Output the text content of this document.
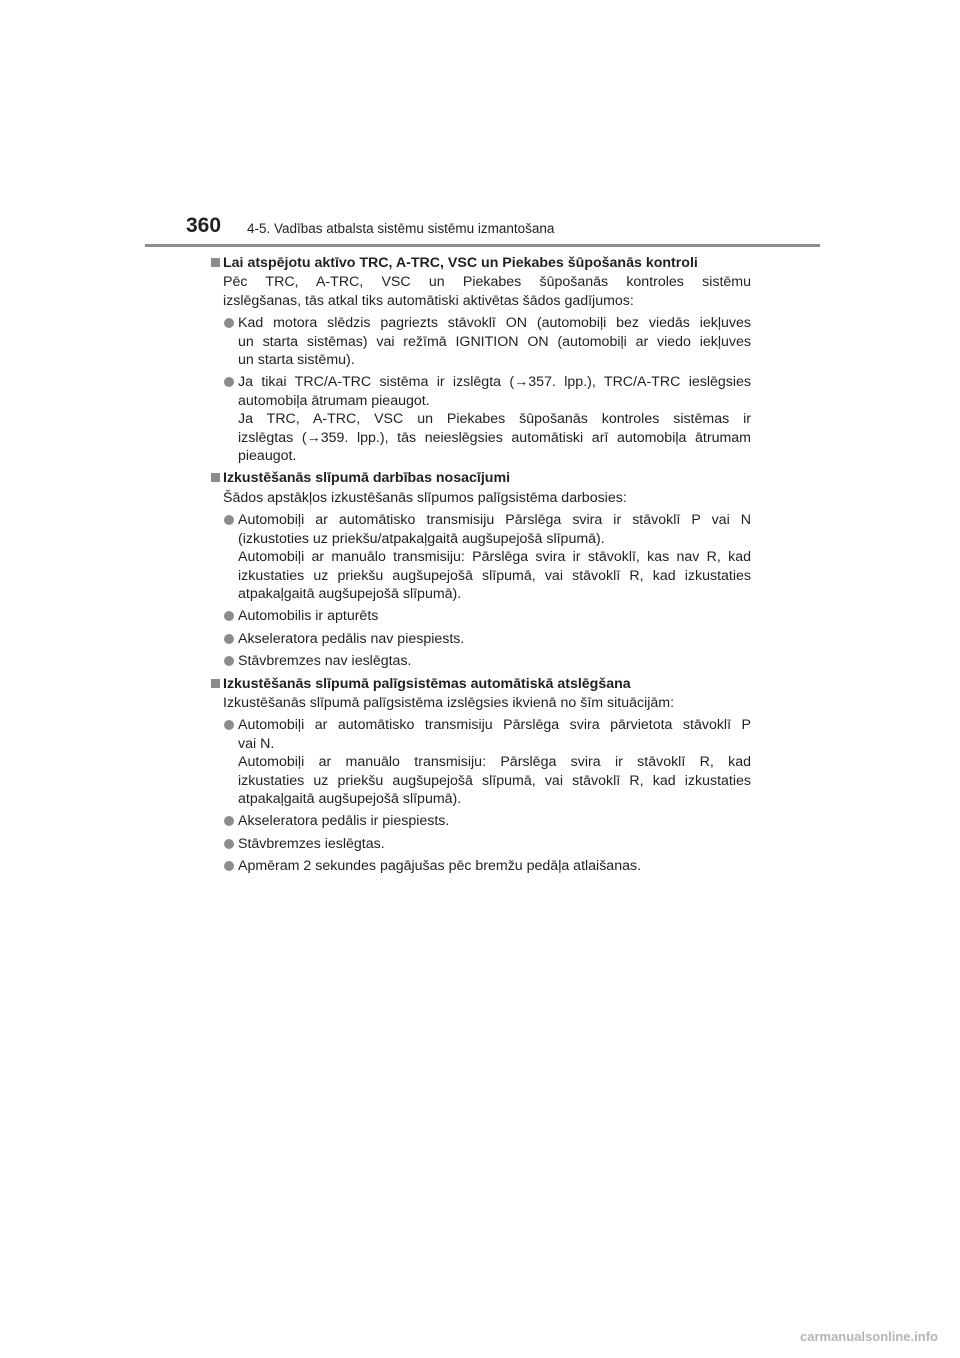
360 4-5. Vadības atbalsta sistēmu sistēmu izmantošana
Lai atspējotu aktīvo TRC, A-TRC, VSC un Piekabes šūpošanās kontroli
Pēc TRC, A-TRC, VSC un Piekabes šūpošanās kontroles sistēmu
izslēgšanas, tās atkal tiks automātiski aktivētas šādos gadījumos:
Kad motora slēdzis pagriezts stāvoklī ON (automobiļi bez viedās iekļuves
un starta sistēmas) vai režīmā IGNITION ON (automobiļi ar viedo iekļuves
un starta sistēmu).
Ja tikai TRC/A-TRC sistēma ir izslēgta (→357. lpp.), TRC/A-TRC ieslēgsies
automobiļa ātrumam pieaugot.
Ja TRC, A-TRC, VSC un Piekabes šūpošanās kontroles sistēmas ir
izslēgtas (→359. lpp.), tās neieslēgsies automātiski arī automobiļa ātrumam
pieaugot.
Izkustēšanās slīpumā darbības nosacījumi
Šādos apstākļos izkustēšanās slīpumos palīgsistēma darbosies:
Automobiļi ar automātisko transmisiju Pārslēga svira ir stāvoklī P vai N
(izkustoties uz priekšu/atpakaļgaitā augšupejošā slīpumā).
Automobiļi ar manuālo transmisiju: Pārslēga svira ir stāvoklī, kas nav R, kad
izkustaties uz priekšu augšupejošā slīpumā, vai stāvoklī R, kad izkustaties
atpakaļgaitā augšupejošā slīpumā).
Automobilis ir apturēts
Akseleratora pedālis nav piespiests.
Stāvbremzes nav ieslēgtas.
Izkustēšanās slīpumā palīgsistēmas automātiskā atslēgšana
Izkustēšanās slīpumā palīgsistēma izslēgsies ikvienā no šīm situācijām:
Automobiļi ar automātisko transmisiju Pārslēga svira pārvietota stāvoklī P
vai N.
Automobiļi ar manuālo transmisiju: Pārslēga svira ir stāvoklī R, kad
izkustaties uz priekšu augšupejošā slīpumā, vai stāvoklī R, kad izkustaties
atpakaļgaitā augšupejošā slīpumā).
Akseleratora pedālis ir piespiests.
Stāvbremzes ieslēgtas.
Apmēram 2 sekundes pagājušas pēc bremžu pedāļa atlaišanas.
carmanualsonline.info
